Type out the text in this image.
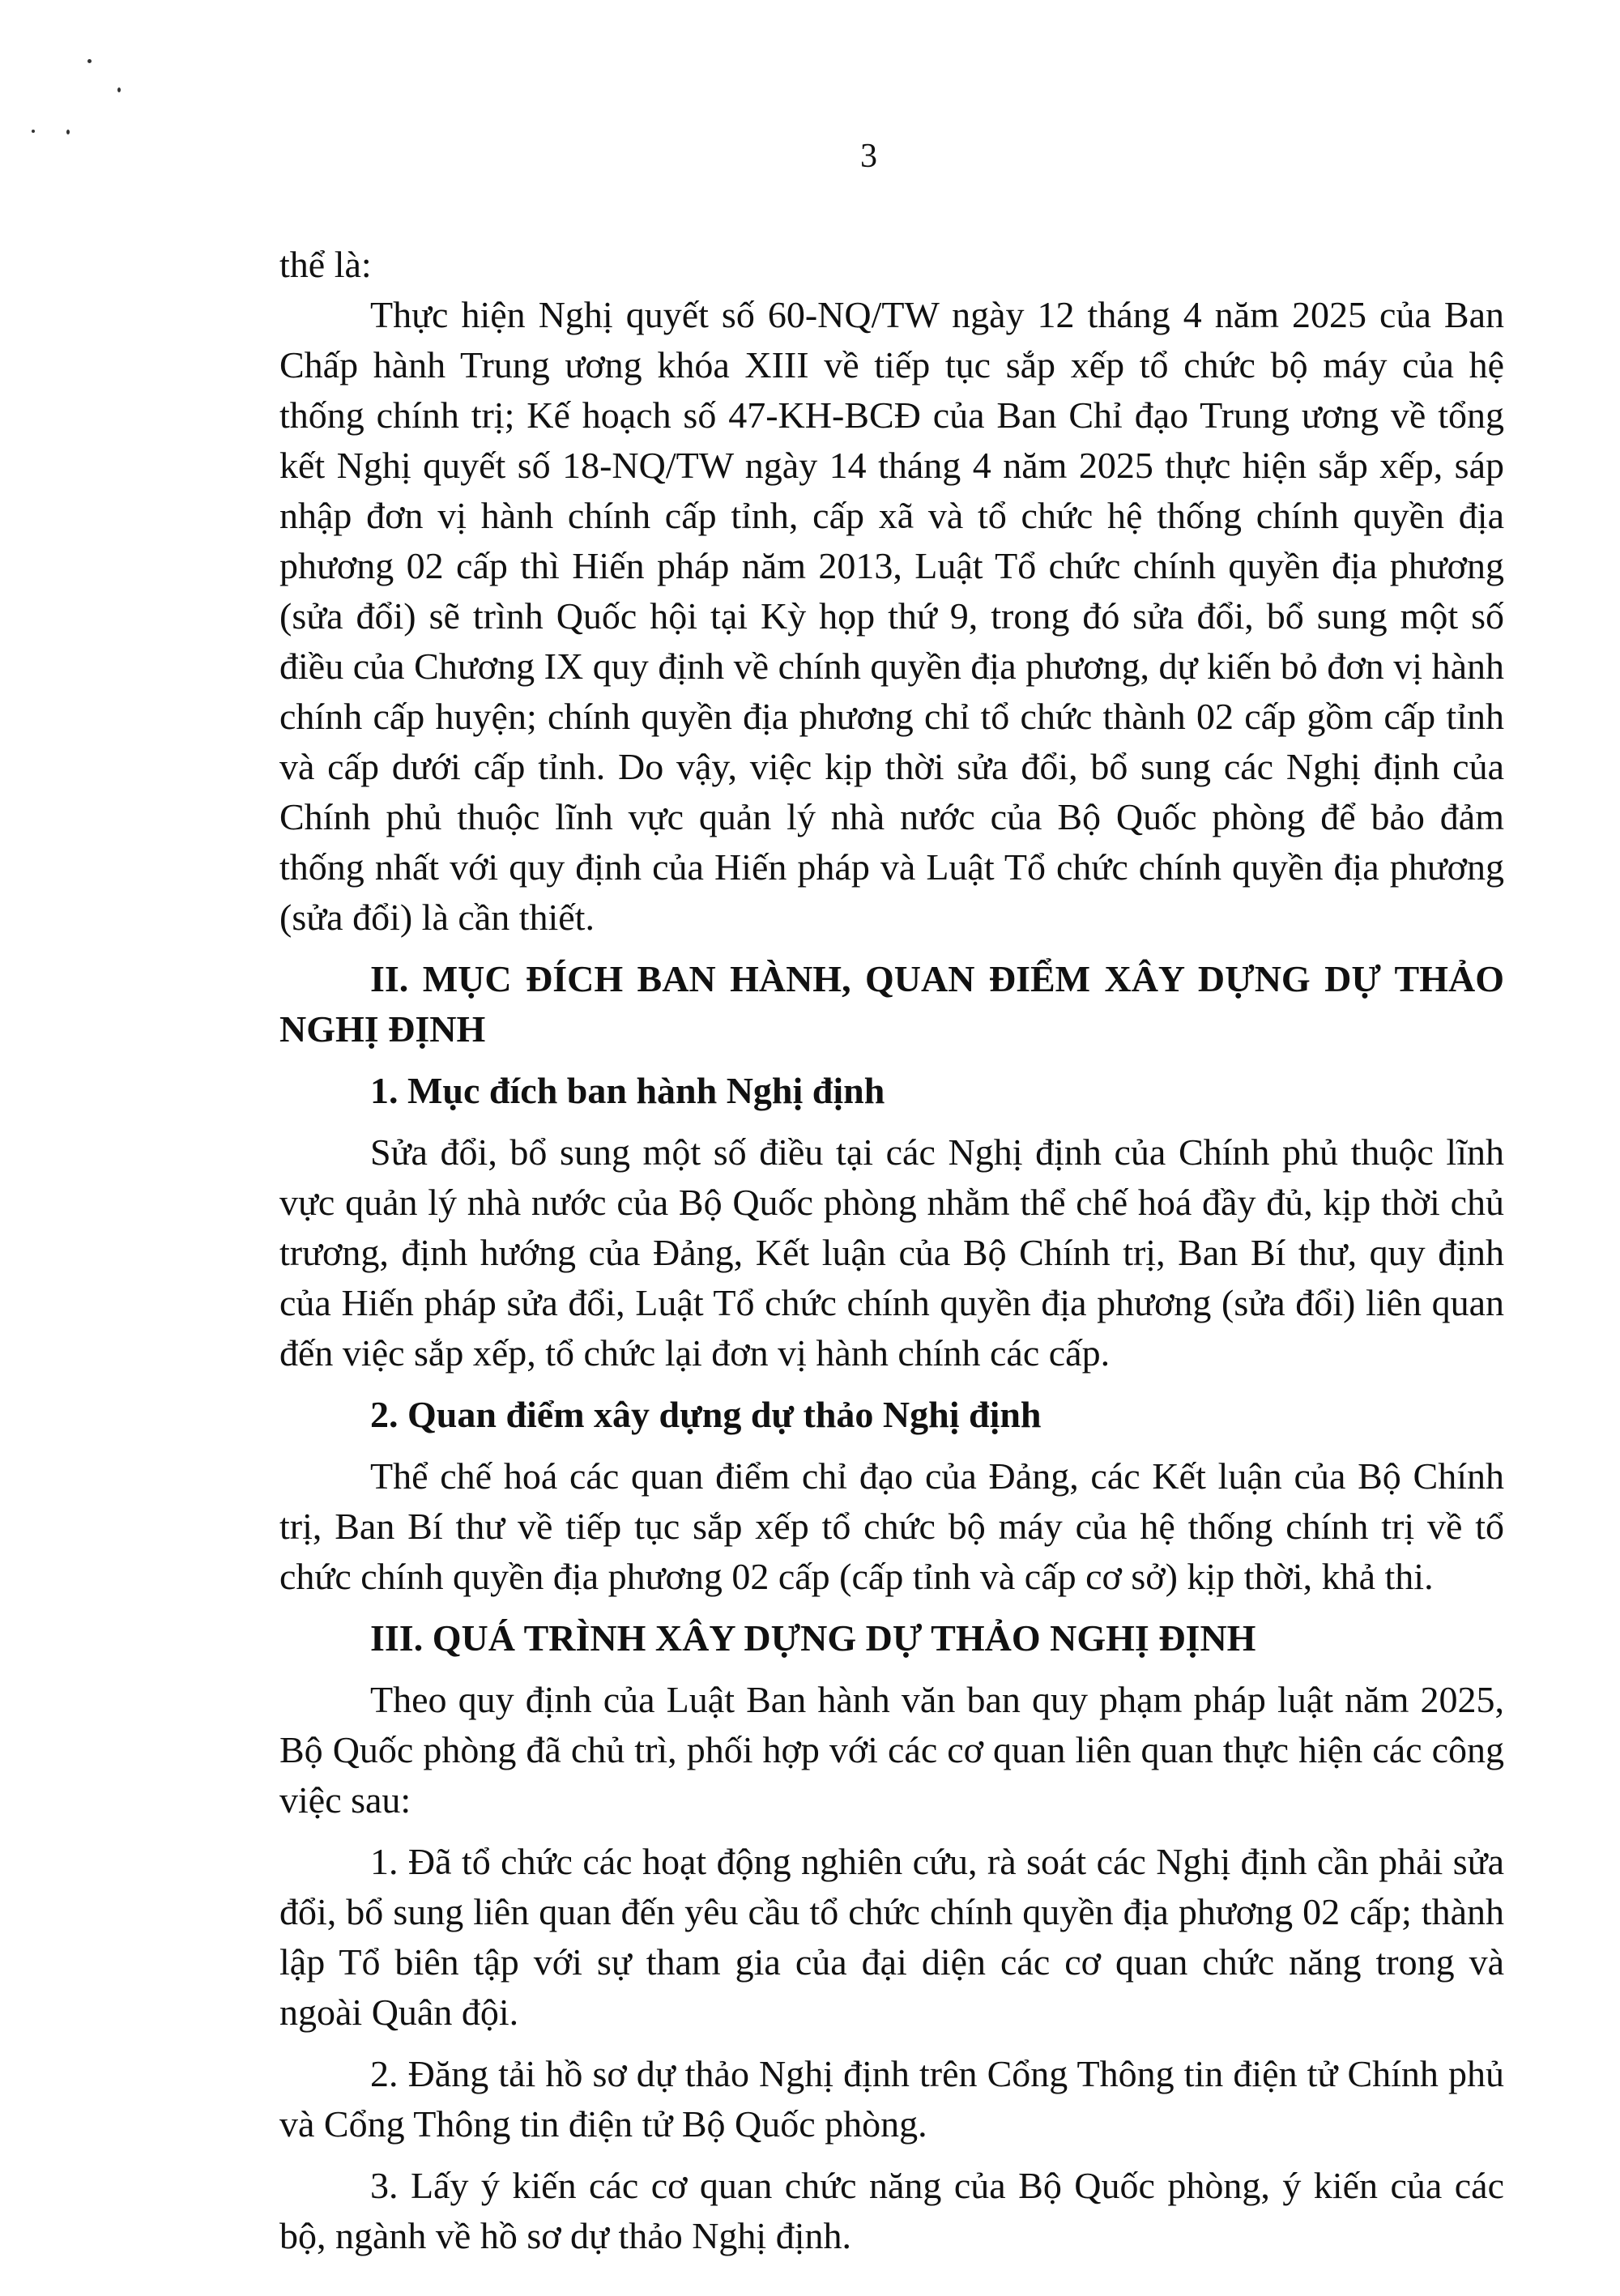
3

thể là:

Thực hiện Nghị quyết số 60-NQ/TW ngày 12 tháng 4 năm 2025 của Ban Chấp hành Trung ương khóa XIII về tiếp tục sắp xếp tổ chức bộ máy của hệ thống chính trị; Kế hoạch số 47-KH-BCĐ của Ban Chỉ đạo Trung ương về tổng kết Nghị quyết số 18-NQ/TW ngày 14 tháng 4 năm 2025 thực hiện sắp xếp, sáp nhập đơn vị hành chính cấp tỉnh, cấp xã và tổ chức hệ thống chính quyền địa phương 02 cấp thì Hiến pháp năm 2013, Luật Tổ chức chính quyền địa phương (sửa đổi) sẽ trình Quốc hội tại Kỳ họp thứ 9, trong đó sửa đổi, bổ sung một số điều của Chương IX quy định về chính quyền địa phương, dự kiến bỏ đơn vị hành chính cấp huyện; chính quyền địa phương chỉ tổ chức thành 02 cấp gồm cấp tỉnh và cấp dưới cấp tỉnh. Do vậy, việc kịp thời sửa đổi, bổ sung các Nghị định của Chính phủ thuộc lĩnh vực quản lý nhà nước của Bộ Quốc phòng để bảo đảm thống nhất với quy định của Hiến pháp và Luật Tổ chức chính quyền địa phương (sửa đổi) là cần thiết.

II. MỤC ĐÍCH BAN HÀNH, QUAN ĐIỂM XÂY DỰNG DỰ THẢO NGHỊ ĐỊNH

1. Mục đích ban hành Nghị định

Sửa đổi, bổ sung một số điều tại các Nghị định của Chính phủ thuộc lĩnh vực quản lý nhà nước của Bộ Quốc phòng nhằm thể chế hoá đầy đủ, kịp thời chủ trương, định hướng của Đảng, Kết luận của Bộ Chính trị, Ban Bí thư, quy định của Hiến pháp sửa đổi, Luật Tổ chức chính quyền địa phương (sửa đổi) liên quan đến việc sắp xếp, tổ chức lại đơn vị hành chính các cấp.

2. Quan điểm xây dựng dự thảo Nghị định

Thể chế hoá các quan điểm chỉ đạo của Đảng, các Kết luận của Bộ Chính trị, Ban Bí thư về tiếp tục sắp xếp tổ chức bộ máy của hệ thống chính trị về tổ chức chính quyền địa phương 02 cấp (cấp tỉnh và cấp cơ sở) kịp thời, khả thi.

III. QUÁ TRÌNH XÂY DỰNG DỰ THẢO NGHỊ ĐỊNH

Theo quy định của Luật Ban hành văn ban quy phạm pháp luật năm 2025, Bộ Quốc phòng đã chủ trì, phối hợp với các cơ quan liên quan thực hiện các công việc sau:

1. Đã tổ chức các hoạt động nghiên cứu, rà soát các Nghị định cần phải sửa đổi, bổ sung liên quan đến yêu cầu tổ chức chính quyền địa phương 02 cấp; thành lập Tổ biên tập với sự tham gia của đại diện các cơ quan chức năng trong và ngoài Quân đội.

2. Đăng tải hồ sơ dự thảo Nghị định trên Cổng Thông tin điện tử Chính phủ và Cổng Thông tin điện tử Bộ Quốc phòng.

3. Lấy ý kiến các cơ quan chức năng của Bộ Quốc phòng, ý kiến của các bộ, ngành về hồ sơ dự thảo Nghị định.
